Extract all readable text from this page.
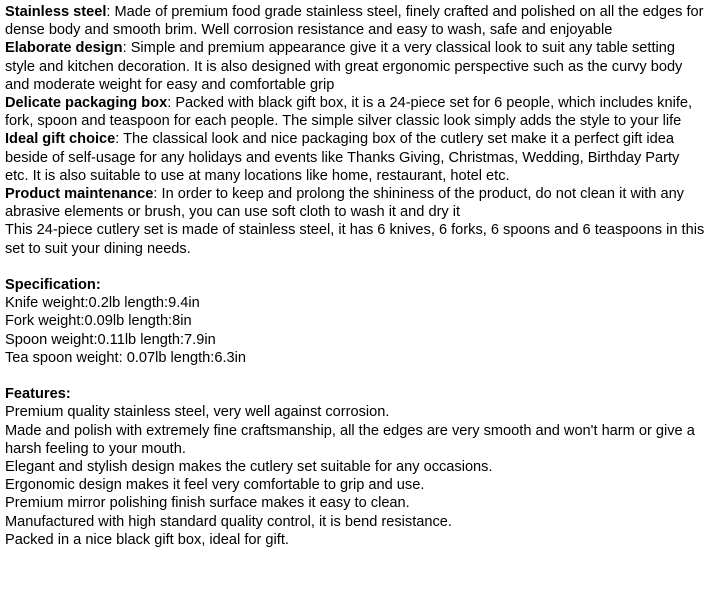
Stainless steel: Made of premium food grade stainless steel, finely crafted and polished on all the edges for dense body and smooth brim. Well corrosion resistance and easy to wash, safe and enjoyable

Elaborate design: Simple and premium appearance give it a very classical look to suit any table setting style and kitchen decoration. It is also designed with great ergonomic perspective such as the curvy body and moderate weight for easy and comfortable grip

Delicate packaging box: Packed with black gift box, it is a 24-piece set for 6 people, which includes knife, fork, spoon and teaspoon for each people. The simple silver classic look simply adds the style to your life

Ideal gift choice: The classical look and nice packaging box of the cutlery set make it a perfect gift idea beside of self-usage for any holidays and events like Thanks Giving, Christmas, Wedding, Birthday Party etc. It is also suitable to use at many locations like home, restaurant, hotel etc.

Product maintenance: In order to keep and prolong the shininess of the product, do not clean it with any abrasive elements or brush, you can use soft cloth to wash it and dry it

This 24-piece cutlery set is made of stainless steel, it has 6 knives, 6 forks, 6 spoons and 6 teaspoons in this set to suit your dining needs.

Specification:

Knife weight:0.2lb length:9.4in

Fork weight:0.09lb length:8in

Spoon weight:0.11lb length:7.9in

Tea spoon weight: 0.07lb length:6.3in

Features:

Premium quality stainless steel, very well against corrosion.

Made and polish with extremely fine craftsmanship, all the edges are very smooth and won't harm or give a harsh feeling to your mouth.

Elegant and stylish design makes the cutlery set suitable for any occasions.

Ergonomic design makes it feel very comfortable to grip and use.

Premium mirror polishing finish surface makes it easy to clean.

Manufactured with high standard quality control, it is bend resistance.

Packed in a nice black gift box, ideal for gift.
